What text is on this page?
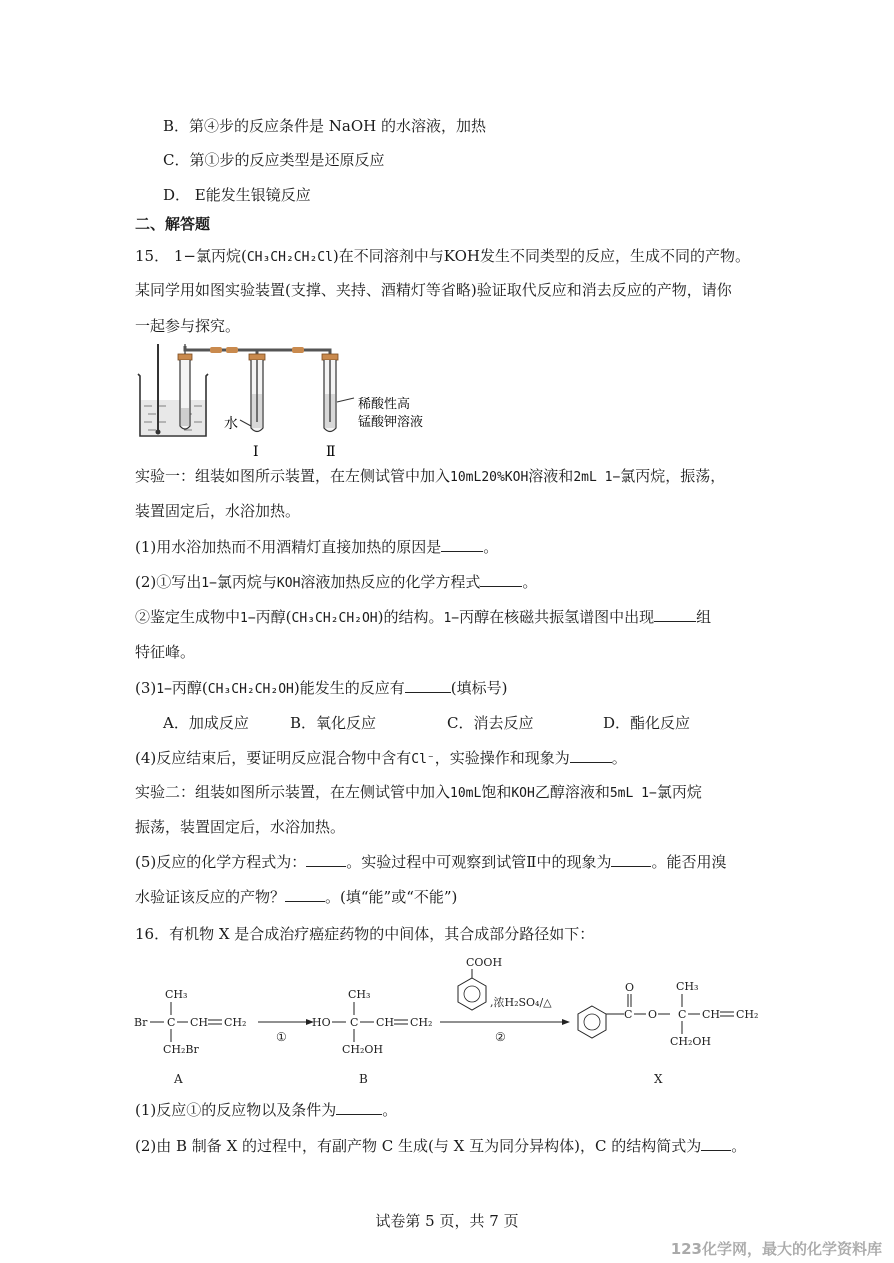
B．第④步的反应条件是 NaOH 的水溶液，加热
C．第①步的反应类型是还原反应
D． E能发生银镜反应
二、解答题
15． 1−氯丙烷(CH₃CH₂CH₂Cl)在不同溶剂中与KOH发生不同类型的反应，生成不同的产物。
某同学用如图实验装置(支撑、夹持、酒精灯等省略)验证取代反应和消去反应的产物，请你
一起参与探究。
水
Ⅰ	Ⅱ
稀酸性高
锰酸钾溶液
实验一：组装如图所示装置，在左侧试管中加入10mL20%KOH溶液和2mL 1−氯丙烷，振荡，
装置固定后，水浴加热。
(1)用水浴加热而不用酒精灯直接加热的原因是	。
(2)①写出1−氯丙烷与KOH溶液加热反应的化学方程式	。
②鉴定生成物中1−丙醇(CH₃CH₂CH₂OH)的结构。1−丙醇在核磁共振氢谱图中出现	组
特征峰。
(3)1−丙醇(CH₃CH₂CH₂OH)能发生的反应有	(填标号)
A．加成反应	B．氧化反应	C．消去反应	D．酯化反应
(4)反应结束后，要证明反应混合物中含有Cl⁻，实验操作和现象为	。
实验二：组装如图所示装置，在左侧试管中加入10mL饱和KOH乙醇溶液和5mL 1−氯丙烷
振荡，装置固定后，水浴加热。
(5)反应的化学方程式为：	。实验过程中可观察到试管Ⅱ中的现象为	。能否用溴
水验证该反应的产物？	。(填“能”或“不能”)
16．有机物 X 是合成治疗癌症药物的中间体，其合成部分路径如下：
CH₃
Br C CH CH₂
CH₂Br
①
CH₃
HO C CH CH₂
CH₂OH
COOH
,浓H₂SO₄/△
②
C
O
O
CH₃
C CH CH₂
CH₂OH
A	B	X
(1)反应①的反应物以及条件为	。
(2)由 B 制备 X 的过程中，有副产物 C 生成(与 X 互为同分异构体)，C 的结构简式为 。
试卷第 5 页，共 7 页
123化学网，最大的化学资料库
